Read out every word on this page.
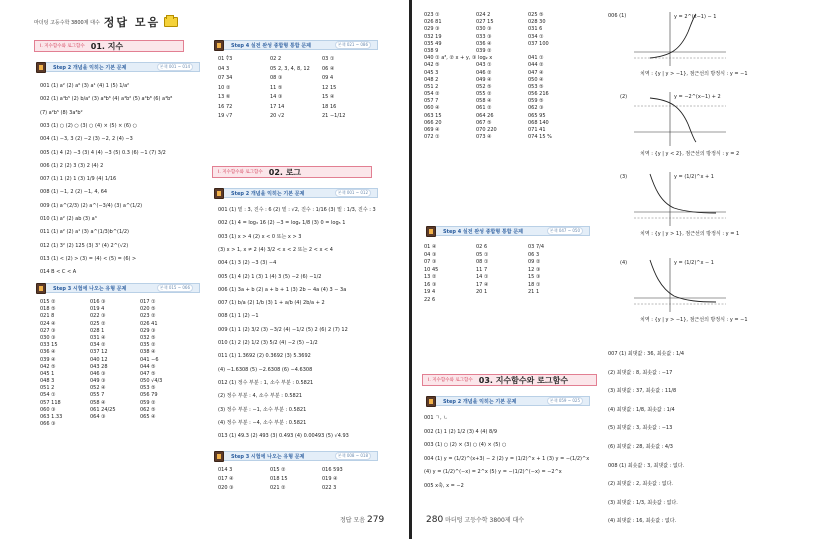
마더텅 고등수학 3800제 대수 정답 모음
I. 지수함수와 로그함수 01. 지수
Step 2 개념을 익히는 기본 문제	본책 001 ~ 014
001 (1) a² (2) a⁶ (3) a¹ (4) 1 (5) 1/a²
002 (1) a⁴b⁵ (2) b/a² (3) a⁸b⁶ (4) a⁴b² (5) a⁴b⁸ (6) a⁴b⁸
(7) a²b⁵ (8) 3a³b²
003 (1) ○ (2) ○ (3) ○ (4) × (5) × (6) ○
004 (1) −3, 3 (2) −2 (3) −2, 2 (4) −3
005 (1) 4 (2) −3 (3) 4 (4) −3 (5) 0.3 (6) −1 (7) 3/2
006 (1) 2 (2) 3 (3) 2 (4) 2
007 (1) 1 (2) 1 (3) 1/9 (4) 1/16
008 (1) −1, 2 (2) −1, 4, 64
009 (1) a^(2/3) (2) a^(−3/4) (3) a^(1/2)
010 (1) a² (2) ab (3) a³
011 (1) a² (2) a¹ (3) a^(1/3)b^(1/2)
012 (1) 3² (2) 125 (3) 3⁷ (4) 2^(√2)
013 (1) < (2) > (3) = (4) < (5) = (6) >
014 B < C < A
Step 3 시험에 나오는 유형 문제	본책 015 ~ 066
015 ②	016 ③	017 ①
018 ⑤	019 4	020 ⑤
021 8	022 ③	023 ②
024 ④	025 ②	026 41
027 ③	028 1	029 ③
030 ③	031 ④	032 ⑤
033 15	034 ②	035 ②
036 ④	037 12	038 ④
039 ④	040 12	041 −6
042 ⑤	043 28	044 ⑤
045 1	046 ③	047 ⑤
048 3	049 ③	050 √4/3
051 2	052 ④	053 ⑤
054 ①	055 7	056 79
057 118	058 ④	059 ②
060 ③	061 24/25	062 ⑤
063 1.33	064 ③	065 ④
066 ③
Step 4 실전 완성 종합형 통합 문제	본책 021 ~ 086
01 ∜3	02 2	03 ①
04 3	05 2, 3, 4, 8, 12	06 ④
07 34	08 ③	09 4
10 ②	11 ⑤	12 15
13 ⑥	14 ③	15 ④
16 72	17 14	18 16
19 √7	20 √2	21 −1/12
I. 지수함수와 로그함수 02. 로그
Step 2 개념을 익히는 기본 문제	본책 001 ~ 012
001 (1) 밑 : 3, 진수 : 6 (2) 밑 : √2, 진수 : 1/16 (3) 밑 : 1/3, 진수 : 3
002 (1) 4 = log₃ 16 (2) −3 = log₂ 1/8 (3) 0 = log₅ 1
003 (1) x > 4 (2) x < 0 또는 x > 3
(3) x > 1, x ≠ 2 (4) 3/2 < x < 2 또는 2 < x < 4
004 (1) 3 (2) −3 (3) −4
005 (1) 4 (2) 1 (3) 1 (4) 3 (5) −2 (6) −1/2
006 (1) 3a + b (2) a + b + 1 (3) 2b − 4a (4) 3 − 3a
007 (1) b/a (2) 1/b (3) 1 + a/b (4) 2b/a + 2
008 (1) 1 (2) −1
009 (1) 1 (2) 3/2 (3) −3/2 (4) −1/2 (5) 2 (6) 2 (7) 12
010 (1) 2 (2) 1/2 (3) 5/2 (4) −2 (5) −1/2
011 (1) 1.3692 (2) 0.3692 (3) 5.3692
(4) −1.6308 (5) −2.6308 (6) −4.6308
012 (1) 정수 부분 : 1, 소수 부분 : 0.5821
(2) 정수 부분 : 4, 소수 부분 : 0.5821
(3) 정수 부분 : −1, 소수 부분 : 0.5821
(4) 정수 부분 : −4, 소수 부분 : 0.5821
013 (1) 49.3 (2) 493 (3) 0.493 (4) 0.00493 (5) √4.93
Step 3 시험에 나오는 유형 문제	본책 008 ~ 018
014 3	015 ②	016 593
017 ④	018 15	019 ④
020 ③	021 ②	022 3
정답 모음 279
023 ①	024 2	025 ⑤
026 81	027 15	028 30
029 ③	030 ③	031 6
032 19	033 ③	034 ①
035 49	036 ④	037 100
038 9	039 ②
040 ① a³, ② x + y, ③ log₂ x	041 ①
042 ⑤	043 ①	044 ②
045 3	046 ②	047 ④
048 2	049 ④	050 ④
051 2	052 ⑤	053 ⑤
054 ②	055 ②	056 216
057 7	058 ④	059 ⑤
060 ④	061 ②	062 ③
063 15	064 26	065 95
066 20	067 ⑤	068 140
069 ④	070 220	071 41
072 ①	073 ④	074 15 %
Step 4 실전 완성 종합형 통합 문제	본책 047 ~ 050
01 ④	02 6	03 7/4
04 ③	05 ①	06 3
07 ③	08 ①	09 ②
10 45	11 7	12 ③
13 ②	14 ①	15 ③
16 ③	17 ④	18 ①
19 4	20 1	21 1
22 6
I. 지수함수와 로그함수 03. 지수함수와 로그함수
Step 2 개념을 익히는 기본 문제	본책 059 ~ 025
001 ㄱ, ㄴ
002 (1) 1 (2) 1/2 (3) 4 (4) 8/9
003 (1) ○ (2) × (3) ○ (4) × (5) ○
004 (1) y = (1/2)^(x+3) − 2 (2) y = (1/2)^x + 1 (3) y = −(1/2)^x
(4) y = (1/2)^(−x) = 2^x (5) y = −(1/2)^(−x) = −2^x
005 x축, x = −2
006 (1)	y = 2^(x−1) − 1
치역 : {y | y > −1}, 점근선의 방정식 : y = −1
y = −2^(x−1) + 2
치역 : {y | y < 2}, 점근선의 방정식 : y = 2
(2)
y = (1/2)^x + 1
치역 : {y | y > 1}, 점근선의 방정식 : y = 1
(3)
y = (1/2)^x − 1
치역 : {y | y > −1}, 점근선의 방정식 : y = −1
(4)
007 (1) 최댓값 : 36, 최솟값 : 1/4
(2) 최댓값 : 8, 최솟값 : −17
(3) 최댓값 : 37, 최솟값 : 11/8
(4) 최댓값 : 1/8, 최솟값 : 1/4
(5) 최댓값 : 3, 최솟값 : −13
(6) 최댓값 : 28, 최솟값 : 4/3
008 (1) 최솟값 : 3, 최댓값 : 없다.
(2) 최댓값 : 2, 최솟값 : 없다.
(3) 최댓값 : 1/3, 최솟값 : 없다.
(4) 최댓값 : 16, 최솟값 : 없다.
280 마더텅 고등수학 3800제 대수
